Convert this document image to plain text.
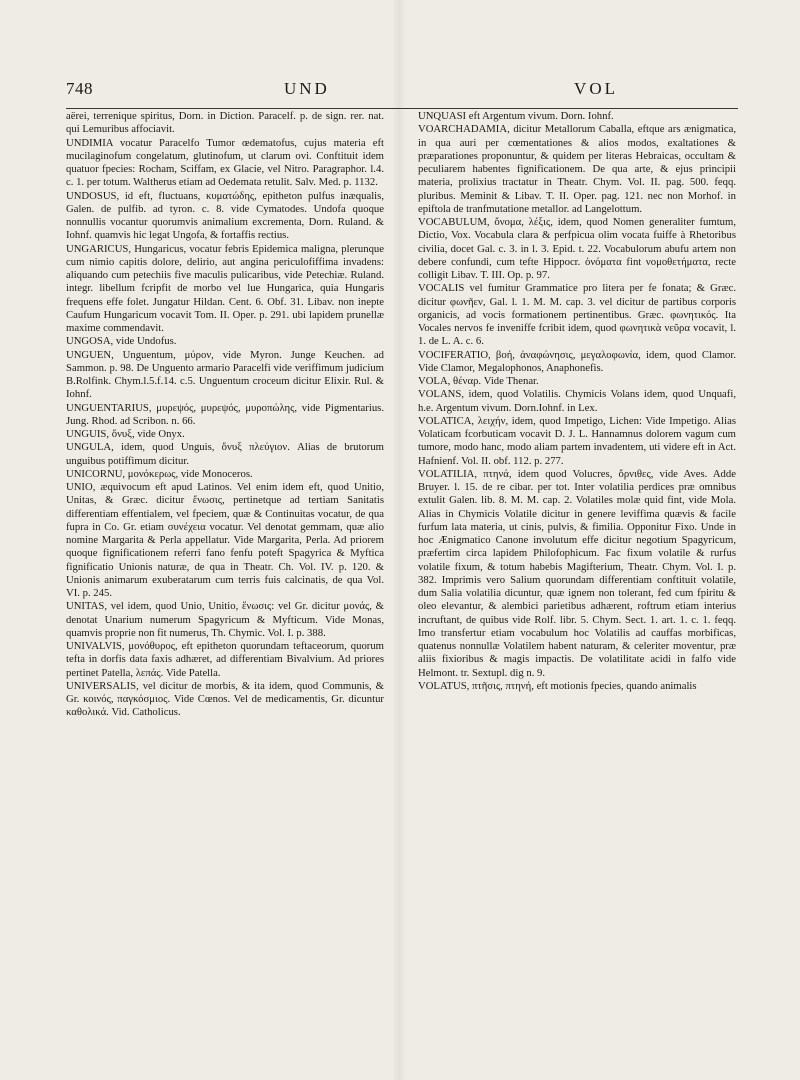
748	UND	VOL

aërei, terrenique spiritus, Dorn. in Diction. Paracelf. p. de sign. rer. nat. qui Lemuribus affociavit.

UNDIMIA vocatur Paracelfo Tumor œdematofus, cujus materia eft mucilaginofum congelatum, glutinofum, ut clarum ovi. Conftituit idem quatuor fpecies: Rocham, Sciffam, ex Glacie, vel Nitro. Paragraphor. l.4. c. 1. per totum. Waltherus etiam ad Oedemata retulit. Salv. Med. p. 1132.

UNDOSUS, id eft, fluctuans, κυματώδης, epitheton pulfus inæqualis, Galen. de pulfib. ad tyron. c. 8. vide Cymatodes. Undofa quoque nonnullis vocantur quorumvis animalium excrementa, Dorn. Ruland. & Iohnf. quamvis hic legat Ungofa, & fortaffis rectius.

UNGARICUS, Hungaricus, vocatur febris Epidemica maligna, plerunque cum nimio capitis dolore, delirio, aut angina periculofiffima invadens: aliquando cum petechiis five maculis pulicaribus, vide Petechiæ. Ruland. integr. libellum fcripfit de morbo vel lue Hungarica, quia Hungaris frequens effe folet. Jungatur Hildan. Cent. 6. Obf. 31. Libav. non inepte Caufum Hungaricum vocavit Tom. II. Oper. p. 291. ubi lapidem prunellæ maxime commendavit.

UNGOSA, vide Undofus.

UNGUEN, Unguentum, μύρον, vide Myron. Junge Keuchen. ad Sammon. p. 98. De Unguento armario Paracelfi vide veriffimum judicium B.Rolfink. Chym.l.5.f.14. c.5. Unguentum croceum dicitur Elixir. Rul. & Iohnf.

UNGUENTARIUS, μυρεψός, μυρεψός, μυροπώλης, vide Pigmentarius. Jung. Rhod. ad Scribon. n. 66.

UNGUIS, ὄνυξ, vide Onyx.

UNGULA, idem, quod Unguis, ὄνυξ πλεύγιον. Alias de brutorum unguibus potiffimum dicitur.

UNICORNU, μονόκερως, vide Monoceros.

UNIO, æquivocum eft apud Latinos. Vel enim idem eft, quod Unitio, Unitas, & Græc. dicitur ἕνωσις, pertinetque ad tertiam Sanitatis differentiam effentialem, vel fpeciem, quæ & Continuitas vocatur, de qua fupra in Co. Gr. etiam συνέχεια vocatur. Vel denotat gemmam, quæ alio nomine Margarita & Perla appellatur. Vide Margarita, Perla. Ad priorem quoque fignificationem referri fano fenfu poteft Spagyrica & Myftica fignificatio Unionis naturæ, de qua in Theatr. Ch. Vol. IV. p. 120. & Unionis animarum exuberatarum cum terris fuis calcinatis, de qua Vol. VI. p. 245.

UNITAS, vel idem, quod Unio, Unitio, ἕνωσις: vel Gr. dicitur μονάς, & denotat Unarium numerum Spagyricum & Myfticum. Vide Monas, quamvis proprie non fit numerus, Th. Chymic. Vol. I. p. 388.

UNIVALVIS, μονόθυρος, eft epitheton quorundam teftaceorum, quorum tefta in dorfis data faxis adhæret, ad differentiam Bivalvium. Ad priores pertinet Patella, λεπάς. Vide Patella.

UNIVERSALIS, vel dicitur de morbis, & ita idem, quod Communis, & Gr. κοινός, παγκόσμιος. Vide Cœnos. Vel de medicamentis, Gr. dicuntur καθολικά. Vid. Catholicus.

UNQUASI eft Argentum vivum. Dorn. Iohnf.

VOARCHADAMIA, dicitur Metallorum Caballa, eftque ars ænigmatica, in qua auri per cœmentationes & alios modos, exaltationes & præparationes proponuntur, & quidem per literas Hebraicas, occultam & peculiarem habentes fignificationem. De qua arte, & ejus principii materia, prolixius tractatur in Theatr. Chym. Vol. II. pag. 500. feqq. pluribus. Meminit & Libav. T. II. Oper. pag. 121. nec non Morhof. in epiftola de tranfmutatione metallor. ad Langelottum.

VOCABULUM, ὄνομα, λέξις, idem, quod Nomen generaliter fumtum, Dictio, Vox. Vocabula clara & perfpicua olim vocata fuiffe à Rhetoribus civilia, docet Gal. c. 3. in l. 3. Epid. t. 22. Vocabulorum abufu artem non debere confundi, cum tefte Hippocr. ὀνόματα fint νομοθετήματα, recte colligit Libav. T. III. Op. p. 97.

VOCALIS vel fumitur Grammatice pro litera per fe fonata; & Græc. dicitur φωνῆεν, Gal. l. 1. M. M. cap. 3. vel dicitur de partibus corporis organicis, ad vocis formationem pertinentibus. Græc. φωνητικός. Ita Vocales nervos fe inveniffe fcribit idem, quod φωνητικὰ νεῦρα vocavit, l. 1. de L. A. c. 6.

VOCIFERATIO, βοή, ἀναφώνησις, μεγαλοφωνία, idem, quod Clamor. Vide Clamor, Megalophonos, Anaphonefis.

VOLA, θέναρ. Vide Thenar.

VOLANS, idem, quod Volatilis. Chymicis Volans idem, quod Unquafi, h.e. Argentum vivum. Dorn.Iohnf. in Lex.

VOLATICA, λειχήν, idem, quod Impetigo, Lichen: Vide Impetigo. Alias Volaticam fcorbuticam vocavit D. J. L. Hannamnus dolorem vagum cum tumore, modo hanc, modo aliam partem invadentem, uti videre eft in Act. Hafnienf. Vol. II. obf. 112. p. 277.

VOLATILIA, πτηνά, idem quod Volucres, ὄρνιθες, vide Aves. Adde Bruyer. l. 15. de re cibar. per tot. Inter volatilia perdices præ omnibus extulit Galen. lib. 8. M. M. cap. 2. Volatiles molæ quid fint, vide Mola. Alias in Chymicis Volatile dicitur in genere leviffima quævis & facile furfum lata materia, ut cinis, pulvis, & fimilia. Opponitur Fixo. Unde in hoc Ænigmatico Canone involutum effe dicitur negotium Spagyricum, præfertim circa lapidem Philofophicum. Fac fixum volatile & rurfus volatile fixum, & totum habebis Magifterium, Theatr. Chym. Vol. I. p. 382. Imprimis vero Salium quorundam differentiam conftituit volatile, dum Salia volatilia dicuntur, quæ ignem non tolerant, fed cum fpiritu & oleo elevantur, & alembici parietibus adhærent, roftrum etiam interius incruftant, de quibus vide Rolf. libr. 5. Chym. Sect. 1. art. 1. c. 1. feqq. Imo transfertur etiam vocabulum hoc Volatilis ad cauffas morbificas, quatenus nonnullæ Volatilem habent naturam, & celeriter moventur, præ aliis fixioribus & magis impactis. De volatilitate acidi in falfo vide Helmont. tr. Sextupl. dig n. 9.

VOLATUS, πτῆσις, πτηνή, eft motionis fpecies, quando animalis
